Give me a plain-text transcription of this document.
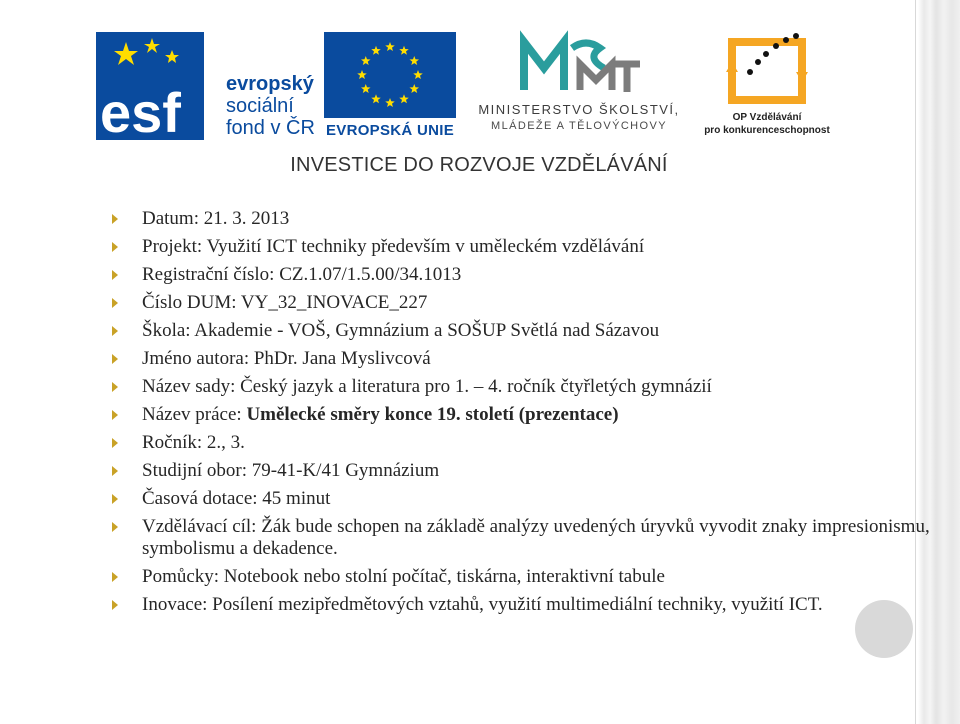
esf evropský
sociální
fond v ČR EVROPSKÁ UNIE
MINISTERSTVO ŠKOLSTVÍ,
MLÁDEŽE A TĚLOVÝCHOVY
OP Vzdělávání
pro konkurenceschopnost
INVESTICE DO ROZVOJE VZDĚLÁVÁNÍ
Datum: 21. 3. 2013
Projekt: Využití ICT techniky především v uměleckém vzdělávání
Registrační číslo: CZ.1.07/1.5.00/34.1013
Číslo DUM: VY_32_INOVACE_227
Škola: Akademie - VOŠ, Gymnázium a SOŠUP Světlá nad Sázavou
Jméno autora: PhDr. Jana Myslivcová
Název sady: Český jazyk a literatura pro 1. – 4. ročník čtyřletých gymnázií
Název práce: Umělecké směry konce 19. století (prezentace)
Ročník: 2., 3.
Studijní obor: 79-41-K/41 Gymnázium
Časová dotace: 45 minut
Vzdělávací cíl: Žák bude schopen na základě analýzy uvedených úryvků vyvodit znaky impresionismu, symbolismu a dekadence.
Pomůcky: Notebook nebo stolní počítač, tiskárna, interaktivní tabule
Inovace: Posílení mezipředmětových vztahů, využití multimediální techniky, využití ICT.
